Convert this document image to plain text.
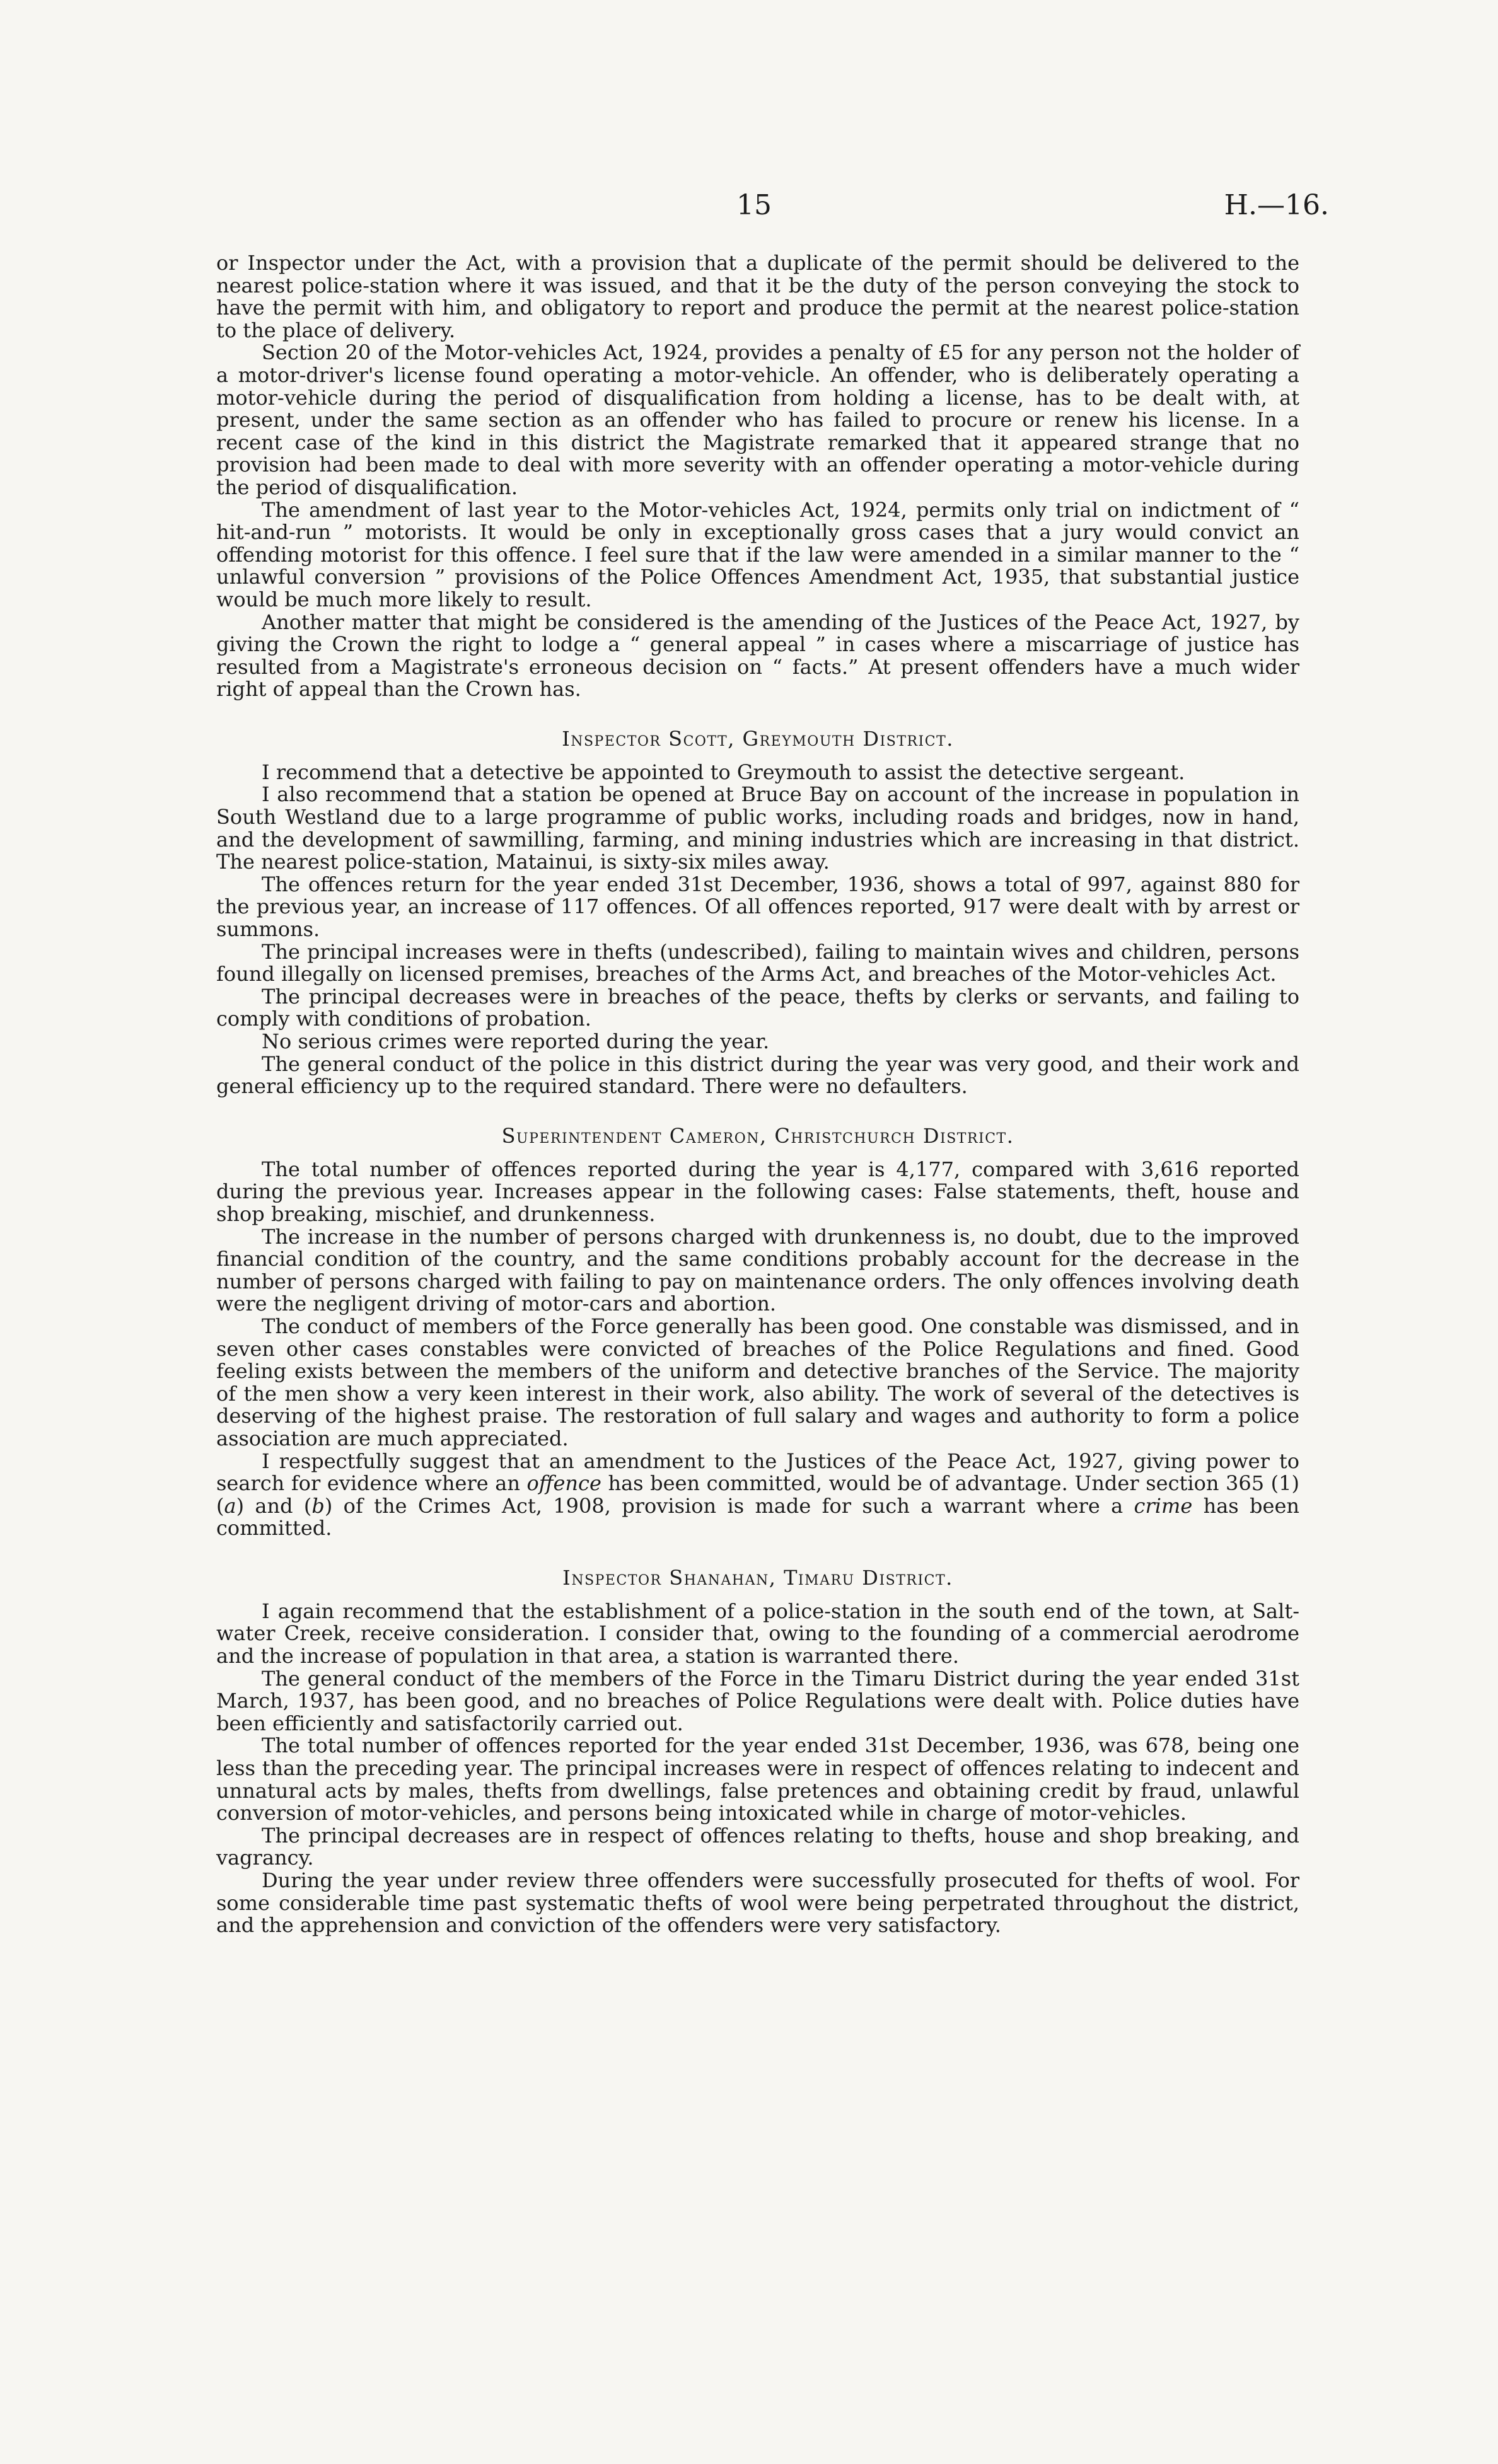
15	H.—16.

or Inspector under the Act, with a provision that a duplicate of the permit should be delivered to the nearest police-station where it was issued, and that it be the duty of the person conveying the stock to have the permit with him, and obligatory to report and produce the permit at the nearest police-station to the place of delivery.

Section 20 of the Motor-vehicles Act, 1924, provides a penalty of £5 for any person not the holder of a motor-driver's license found operating a motor-vehicle. An offender, who is deliberately operating a motor-vehicle during the period of disqualification from holding a license, has to be dealt with, at present, under the same section as an offender who has failed to procure or renew his license. In a recent case of the kind in this district the Magistrate remarked that it appeared strange that no provision had been made to deal with more severity with an offender operating a motor-vehicle during the period of disqualification.

The amendment of last year to the Motor-vehicles Act, 1924, permits only trial on indictment of “ hit-and-run ” motorists. It would be only in exceptionally gross cases that a jury would convict an offending motorist for this offence. I feel sure that if the law were amended in a similar manner to the “ unlawful conversion ” provisions of the Police Offences Amendment Act, 1935, that substantial justice would be much more likely to result.

Another matter that might be considered is the amending of the Justices of the Peace Act, 1927, by giving the Crown the right to lodge a “ general appeal ” in cases where a miscarriage of justice has resulted from a Magistrate's erroneous decision on “ facts.” At present offenders have a much wider right of appeal than the Crown has.

Inspector Scott, Greymouth District.

I recommend that a detective be appointed to Greymouth to assist the detective sergeant.

I also recommend that a station be opened at Bruce Bay on account of the increase in population in South Westland due to a large programme of public works, including roads and bridges, now in hand, and the development of sawmilling, farming, and mining industries which are increasing in that district. The nearest police-station, Matainui, is sixty-six miles away.

The offences return for the year ended 31st December, 1936, shows a total of 997, against 880 for the previous year, an increase of 117 offences. Of all offences reported, 917 were dealt with by arrest or summons.

The principal increases were in thefts (undescribed), failing to maintain wives and children, persons found illegally on licensed premises, breaches of the Arms Act, and breaches of the Motor-vehicles Act.

The principal decreases were in breaches of the peace, thefts by clerks or servants, and failing to comply with conditions of probation.

No serious crimes were reported during the year.

The general conduct of the police in this district during the year was very good, and their work and general efficiency up to the required standard. There were no defaulters.

Superintendent Cameron, Christchurch District.

The total number of offences reported during the year is 4,177, compared with 3,616 reported during the previous year. Increases appear in the following cases: False statements, theft, house and shop breaking, mischief, and drunkenness.

The increase in the number of persons charged with drunkenness is, no doubt, due to the improved financial condition of the country, and the same conditions probably account for the decrease in the number of persons charged with failing to pay on maintenance orders. The only offences involving death were the negligent driving of motor-cars and abortion.

The conduct of members of the Force generally has been good. One constable was dismissed, and in seven other cases constables were convicted of breaches of the Police Regulations and fined. Good feeling exists between the members of the uniform and detective branches of the Service. The majority of the men show a very keen interest in their work, also ability. The work of several of the detectives is deserving of the highest praise. The restoration of full salary and wages and authority to form a police association are much appreciated.

I respectfully suggest that an amendment to the Justices of the Peace Act, 1927, giving power to search for evidence where an offence has been committed, would be of advantage. Under section 365 (1) (a) and (b) of the Crimes Act, 1908, provision is made for such a warrant where a crime has been committed.

Inspector Shanahan, Timaru District.

I again recommend that the establishment of a police-station in the south end of the town, at Salt-water Creek, receive consideration. I consider that, owing to the founding of a commercial aerodrome and the increase of population in that area, a station is warranted there.

The general conduct of the members of the Force in the Timaru District during the year ended 31st March, 1937, has been good, and no breaches of Police Regulations were dealt with. Police duties have been efficiently and satisfactorily carried out.

The total number of offences reported for the year ended 31st December, 1936, was 678, being one less than the preceding year. The principal increases were in respect of offences relating to indecent and unnatural acts by males, thefts from dwellings, false pretences and obtaining credit by fraud, unlawful conversion of motor-vehicles, and persons being intoxicated while in charge of motor-vehicles.

The principal decreases are in respect of offences relating to thefts, house and shop breaking, and vagrancy.

During the year under review three offenders were successfully prosecuted for thefts of wool. For some considerable time past systematic thefts of wool were being perpetrated throughout the district, and the apprehension and conviction of the offenders were very satisfactory.
